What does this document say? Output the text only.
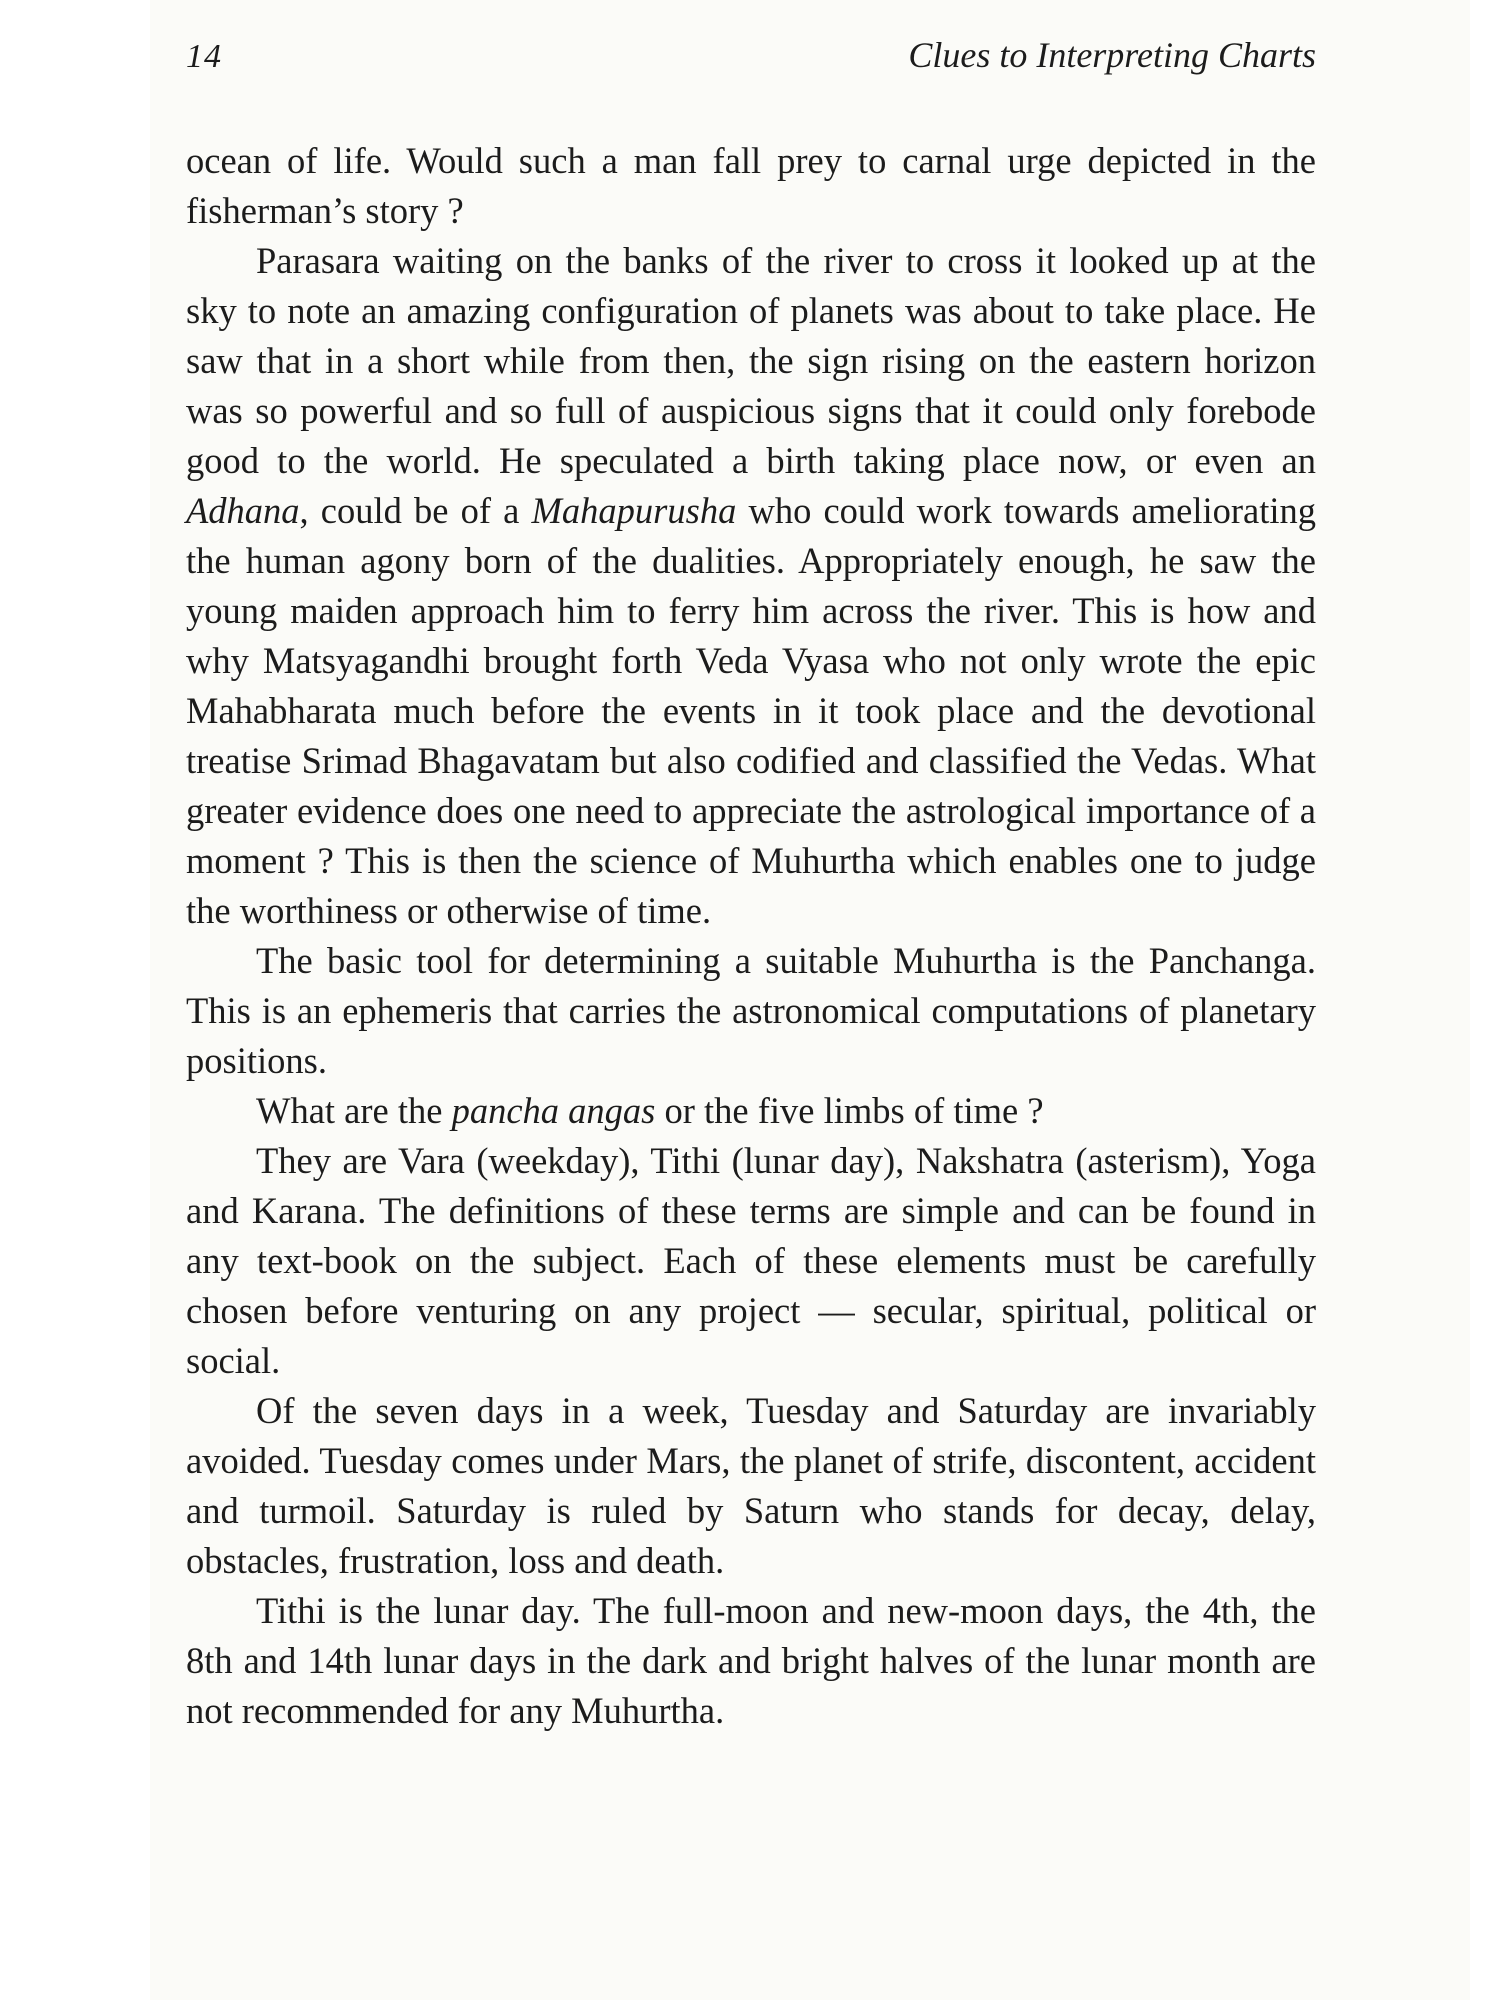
14	Clues to Interpreting Charts

ocean of life. Would such a man fall prey to carnal urge depicted in the fisherman’s story ?

Parasara waiting on the banks of the river to cross it looked up at the sky to note an amazing configuration of planets was about to take place. He saw that in a short while from then, the sign rising on the eastern horizon was so powerful and so full of auspicious signs that it could only forebode good to the world. He speculated a birth taking place now, or even an Adhana, could be of a Mahapurusha who could work towards ameliorating the human agony born of the dualities. Appropriately enough, he saw the young maiden approach him to ferry him across the river. This is how and why Matsyagandhi brought forth Veda Vyasa who not only wrote the epic Mahabharata much before the events in it took place and the devotional treatise Srimad Bhagavatam but also codified and classified the Vedas. What greater evidence does one need to appreciate the astrological importance of a moment ? This is then the science of Muhurtha which enables one to judge the worthiness or otherwise of time.

The basic tool for determining a suitable Muhurtha is the Panchanga. This is an ephemeris that carries the astronomical computations of planetary positions.

What are the pancha angas or the five limbs of time ?

They are Vara (weekday), Tithi (lunar day), Nakshatra (asterism), Yoga and Karana. The definitions of these terms are simple and can be found in any text-book on the subject. Each of these elements must be carefully chosen before venturing on any project — secular, spiritual, political or social.

Of the seven days in a week, Tuesday and Saturday are invariably avoided. Tuesday comes under Mars, the planet of strife, discontent, accident and turmoil. Saturday is ruled by Saturn who stands for decay, delay, obstacles, frustration, loss and death.

Tithi is the lunar day. The full-moon and new-moon days, the 4th, the 8th and 14th lunar days in the dark and bright halves of the lunar month are not recommended for any Muhurtha.
